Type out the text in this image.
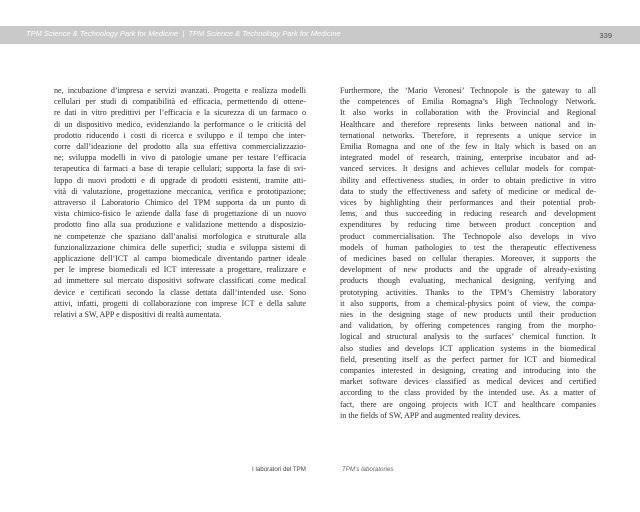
TPM Science & Technology Park for Medicine | TPM Science & Technology Park for Medicine	339
ne, incubazione d’impresa e servizi avanzati. Progetta e realizza modelli
cellulari per studi di compatibilità ed efficacia, permettendo di ottene-
re dati in vitro predittivi per l’efficacia e la sicurezza di un farmaco o
di un dispositivo medico, evidenziando la performance o le criticità del
prodotto riducendo i costi di ricerca e sviluppo e il tempo che inter-
corre dall’ideazione del prodotto alla sua effettiva commercializzazio-
ne; sviluppa modelli in vivo di patologie umane per testare l’efficacia
terapeutica di farmaci a base di terapie cellulari; supporta la fase di svi-
luppo di nuovi prodotti e di upgrade di prodotti esistenti, tramite atti-
vità di valutazione, progettazione meccanica, verifica e prototipazione;
attraverso il Laboratorio Chimico del TPM supporta da un punto di
vista chimico-fisico le aziende dalla fase di progettazione di un nuovo
prodotto fino alla sua produzione e validazione mettendo a disposizio-
ne competenze che spaziano dall’analisi morfologica e strutturale alla
funzionalizzazione chimica delle superfici; studia e sviluppa sistemi di
applicazione dell’ICT al campo biomedicale diventando partner ideale
per le imprese biomedicali ed ICT interessate a progettare, realizzare e
ad immettere sul mercato dispositivi software classificati come medical
device e certificati secondo la classe dettata dall’intended use. Sono
attivi, infatti, progetti di collaborazione con imprese ICT e della salute
relativi a SW, APP e dispositivi di realtà aumentata.
Furthermore, the ‘Mario Veronesi’ Technopole is the gateway to all
the competences of Emilia Romagna’s High Technology Network.
It also works in collaboration with the Provincial and Regional
Healthcare and therefore represents links between national and in-
ternational networks. Therefore, it represents a unique service in
Emilia Romagna and one of the few in Italy which is based on an
integrated model of research, training, enterprise incubator and ad-
vanced services. It designs and achieves cellular models for compat-
ibility and effectiveness studies, in order to obtain predictive in vitro
data to study the effectiveness and safety of medicine or medical de-
vices by highlighting their performances and their potential prob-
lems, and thus succeeding in reducing research and development
expenditures by reducing time between product conception and
product commercialisation. The Technopole also develops in vivo
models of human pathologies to test the therapeutic effectiveness
of medicines based on cellular therapies. Moreover, it supports the
development of new products and the upgrade of already-existing
products though evaluating, mechanical designing, verifying and
prototyping activities. Thanks to the TPM’s Chemistry laboratory
it also supports, from a chemical-physics point of view, the compa-
nies in the designing stage of new products until their production
and validation, by offering competences ranging from the morpho-
logical and structural analysis to the surfaces’ chemical function. It
also studies and develops ICT application systems in the biomedical
field, presenting itself as the perfect partner for ICT and biomedical
companies interested in designing, creating and introducing into the
market software devices classified as medical devices and certified
according to the class provided by the intended use. As a matter of
fact, there are ongoing projects with ICT and healthcare companies
in the fields of SW, APP and augmented reality devices.
I laboratori del TPM	TPM’s laboratories
